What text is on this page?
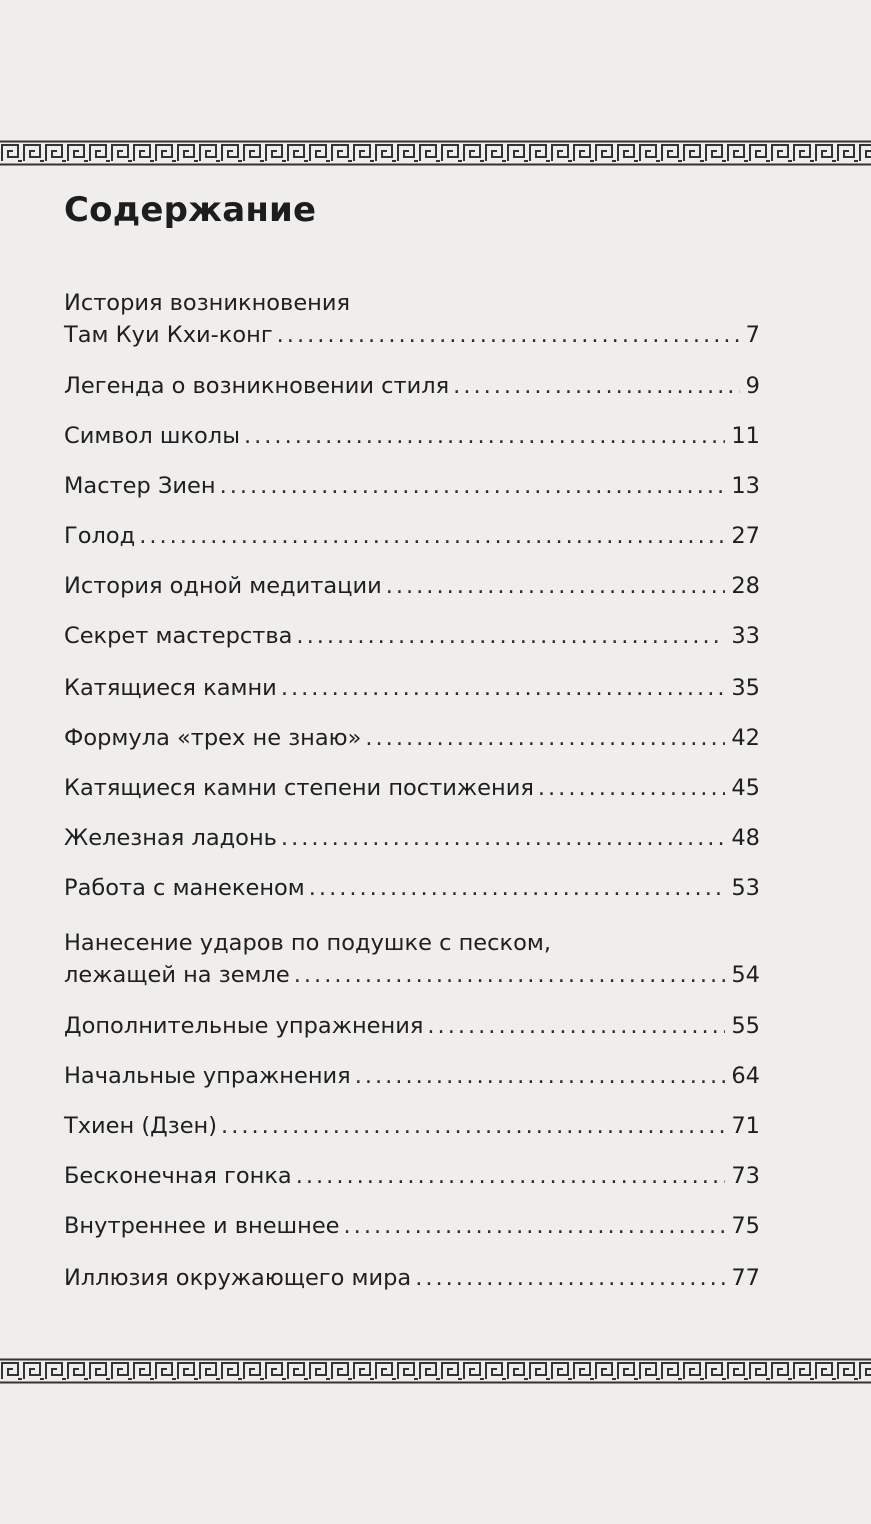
Содержание
История возникновения
Там Куи Кхи-конг .....	7
Легенда о возникновении стиля .....	9
Символ школы .....	11
Мастер Зиен .....	13
Голод .....	27
История одной медитации .....	28
Секрет мастерства .....	33
Катящиеся камни .....	35
Формула «трех не знаю» .....	42
Катящиеся камни степени постижения .....	45
Железная ладонь .....	48
Работа с манекеном .....	53
Нанесение ударов по подушке с песком,
лежащей на земле .....	54
Дополнительные упражнения .....	55
Начальные упражнения .....	64
Тхиен (Дзен) .....	71
Бесконечная гонка .....	73
Внутреннее и внешнее .....	75
Иллюзия окружающего мира .....	77
